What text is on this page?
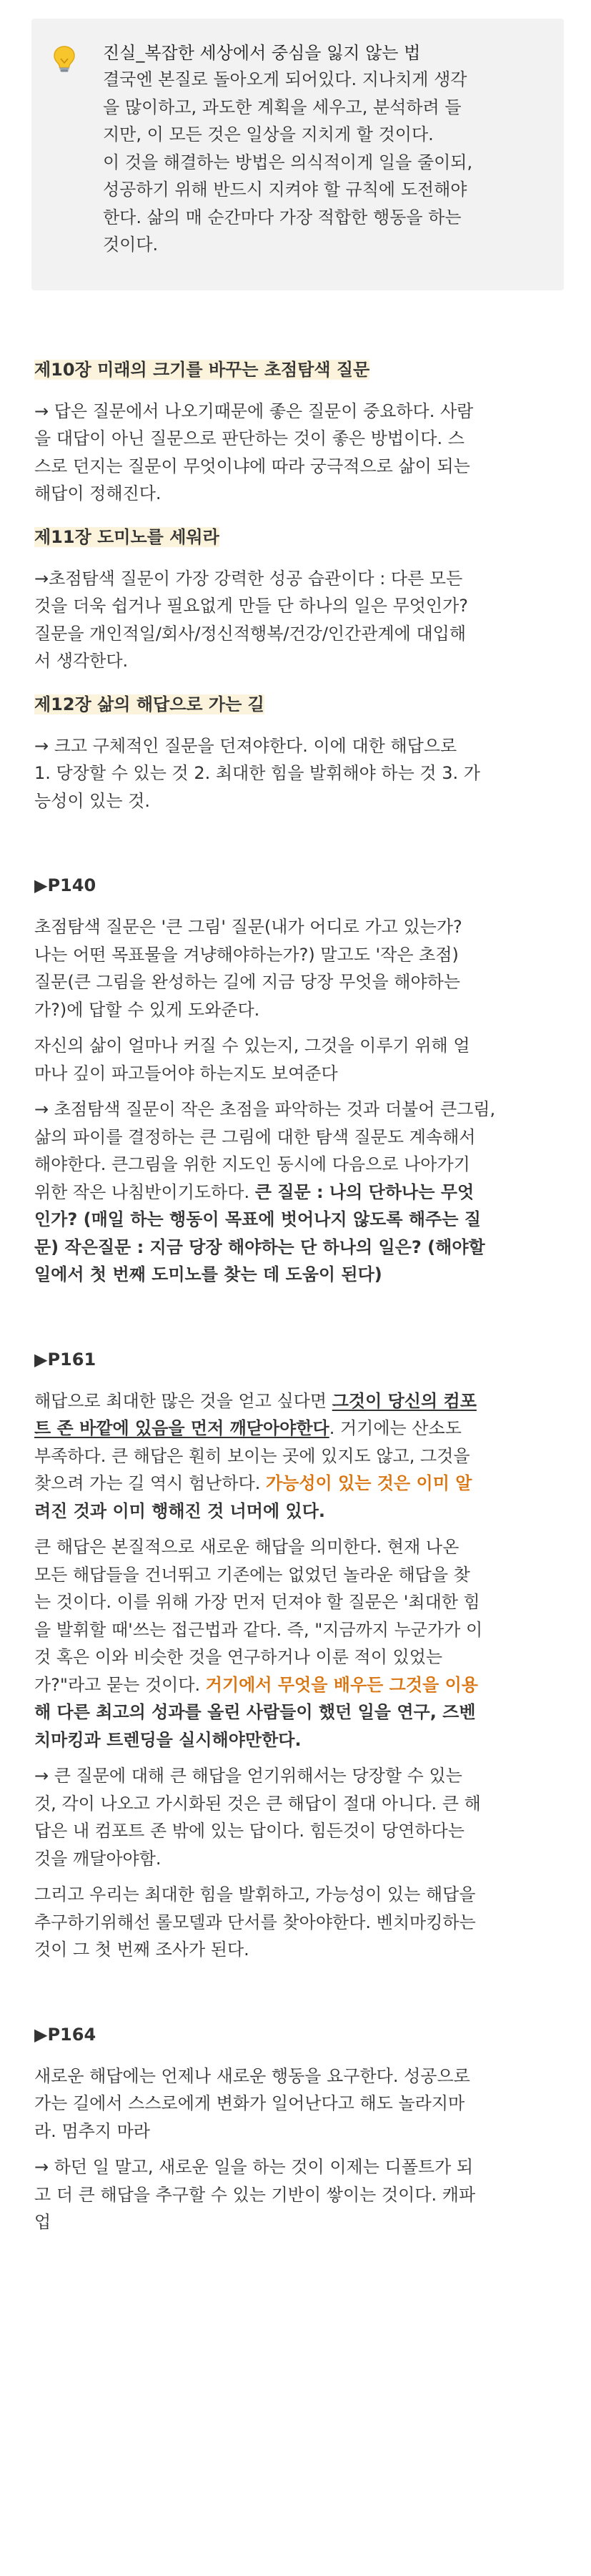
진실_복잡한 세상에서 중심을 잃지 않는 법

결국엔 본질로 돌아오게 되어있다. 지나치게 생각

을 많이하고, 과도한 계획을 세우고, 분석하려 들

지만, 이 모든 것은 일상을 지치게 할 것이다.

이 것을 해결하는 방법은 의식적이게 일을 줄이되,

성공하기 위해 반드시 지켜야 할 규칙에 도전해야

한다. 삶의 매 순간마다 가장 적합한 행동을 하는

것이다.

제10장 미래의 크기를 바꾸는 초점탐색 질문

→ 답은 질문에서 나오기때문에 좋은 질문이 중요하다. 사람

을 대답이 아닌 질문으로 판단하는 것이 좋은 방법이다. 스

스로 던지는 질문이 무엇이냐에 따라 궁극적으로 삶이 되는

해답이 정해진다.

제11장 도미노를 세워라

→초점탐색 질문이 가장 강력한 성공 습관이다 : 다른 모든

것을 더욱 쉽거나 필요없게 만들 단 하나의 일은 무엇인가?

질문을 개인적일/회사/정신적행복/건강/인간관계에 대입해

서 생각한다.

제12장 삶의 해답으로 가는 길

→ 크고 구체적인 질문을 던져야한다. 이에 대한 해답으로

1. 당장할 수 있는 것 2. 최대한 힘을 발휘해야 하는 것 3. 가

능성이 있는 것.

▶P140

초점탐색 질문은 '큰 그림' 질문(내가 어디로 가고 있는가?

나는 어떤 목표물을 겨냥해야하는가?) 말고도 '작은 초점)

질문(큰 그림을 완성하는 길에 지금 당장 무엇을 해야하는

가?)에 답할 수 있게 도와준다.

자신의 삶이 얼마나 커질 수 있는지, 그것을 이루기 위해 얼

마나 깊이 파고들어야 하는지도 보여준다

→ 초점탐색 질문이 작은 초점을 파악하는 것과 더불어 큰그림,

삶의 파이를 결정하는 큰 그림에 대한 탐색 질문도 계속해서

해야한다. 큰그림을 위한 지도인 동시에 다음으로 나아가기

위한 작은 나침반이기도하다. 큰 질문 : 나의 단하나는 무엇

인가? (매일 하는 행동이 목표에 벗어나지 않도록 해주는 질

문) 작은질문 : 지금 당장 해야하는 단 하나의 일은? (해야할

일에서 첫 번째 도미노를 찾는 데 도움이 된다)

▶P161

해답으로 최대한 많은 것을 얻고 싶다면 그것이 당신의 컴포

트 존 바깥에 있음을 먼저 깨닫아야한다. 거기에는 산소도

부족하다. 큰 해답은 훤히 보이는 곳에 있지도 않고, 그것을

찾으려 가는 길 역시 험난하다. 가능성이 있는 것은 이미 알

려진 것과 이미 행해진 것 너머에 있다.

큰 해답은 본질적으로 새로운 해답을 의미한다. 현재 나온

모든 해답들을 건너뛰고 기존에는 없었던 놀라운 해답을 찾

는 것이다. 이를 위해 가장 먼저 던져야 할 질문은 '최대한 힘

을 발휘할 때'쓰는 접근법과 같다. 즉, "지금까지 누군가가 이

것 혹은 이와 비슷한 것을 연구하거나 이룬 적이 있었는

가?"라고 묻는 것이다. 거기에서 무엇을 배우든 그것을 이용

해 다른 최고의 성과를 올린 사람들이 했던 일을 연구, 즈벤

치마킹과 트렌딩을 실시해야만한다.

→ 큰 질문에 대해 큰 해답을 얻기위해서는 당장할 수 있는

것, 각이 나오고 가시화된 것은 큰 해답이 절대 아니다. 큰 해

답은 내 컴포트 존 밖에 있는 답이다. 힘든것이 당연하다는

것을 깨달아야함.

그리고 우리는 최대한 힘을 발휘하고, 가능성이 있는 해답을

추구하기위해선 롤모델과 단서를 찾아야한다. 벤치마킹하는

것이 그 첫 번째 조사가 된다.

▶P164

새로운 해답에는 언제나 새로운 행동을 요구한다. 성공으로

가는 길에서 스스로에게 변화가 일어난다고 해도 놀라지마

라. 멈추지 마라

→ 하던 일 말고, 새로운 일을 하는 것이 이제는 디폴트가 되

고 더 큰 해답을 추구할 수 있는 기반이 쌓이는 것이다. 캐파

업
